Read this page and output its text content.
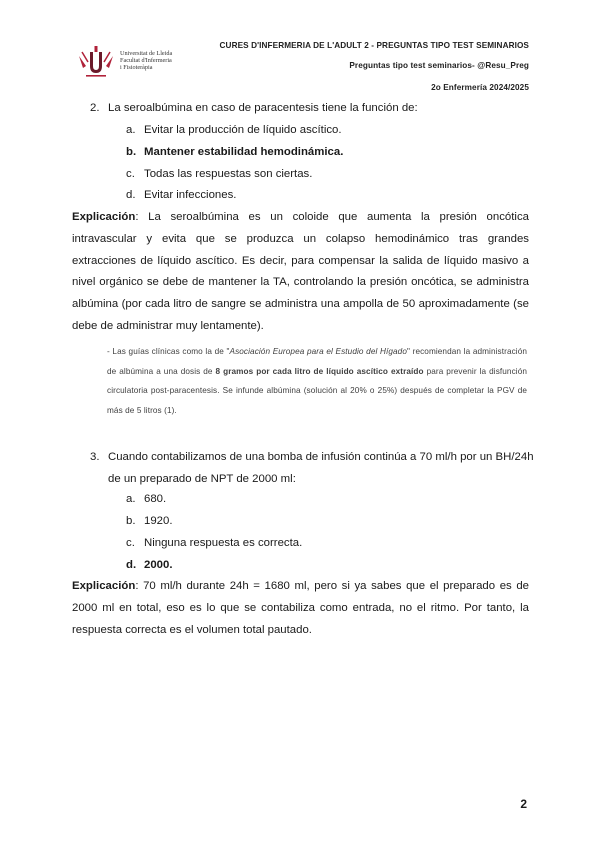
CURES D'INFERMERIA DE L'ADULT 2 - PREGUNTAS TIPO TEST SEMINARIOS
Preguntas tipo test seminarios- @Resu_Preg
2o Enfermería 2024/2025
Universitat de Lleida
Facultat d'Infermeria
i Fisioteràpia
2. La seroalbúmina en caso de paracentesis tiene la función de:
a. Evitar la producción de líquido ascítico.
b. Mantener estabilidad hemodinámica.
c. Todas las respuestas son ciertas.
d. Evitar infecciones.
Explicación: La seroalbúmina es un coloide que aumenta la presión oncótica intravascular y evita que se produzca un colapso hemodinámico tras grandes extracciones de líquido ascítico. Es decir, para compensar la salida de líquido masivo a nivel orgánico se debe de mantener la TA, controlando la presión oncótica, se administra albúmina (por cada litro de sangre se administra una ampolla de 50 aproximadamente (se debe de administrar muy lentamente).
- Las guías clínicas como la de "Asociación Europea para el Estudio del Hígado" recomiendan la administración de albúmina a una dosis de 8 gramos por cada litro de líquido ascítico extraído para prevenir la disfunción circulatoria post-paracentesis. Se infunde albúmina (solución al 20% o 25%) después de completar la PGV de más de 5 litros (1).
3. Cuando contabilizamos de una bomba de infusión continúa a 70 ml/h por un BH/24h
de un preparado de NPT de 2000 ml:
a. 680.
b. 1920.
c. Ninguna respuesta es correcta.
d. 2000.
Explicación: 70 ml/h durante 24h = 1680 ml, pero si ya sabes que el preparado es de 2000 ml en total, eso es lo que se contabiliza como entrada, no el ritmo. Por tanto, la respuesta correcta es el volumen total pautado.
2
